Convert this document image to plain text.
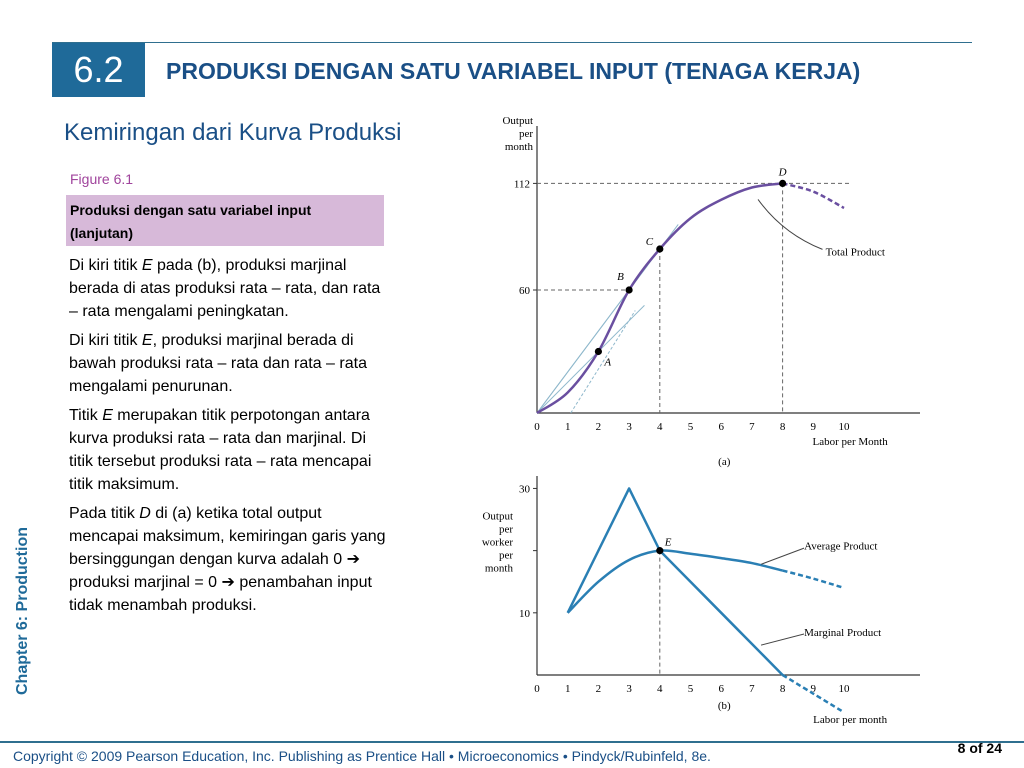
6.2	PRODUKSI DENGAN SATU VARIABEL INPUT (TENAGA KERJA)
Kemiringan dari Kurva Produksi
Figure 6.1
Produksi dengan satu variabel input
(lanjutan)

Di kiri titik E pada (b), produksi marjinal berada di atas produksi rata – rata, dan rata – rata mengalami peningkatan.

Di kiri titik E, produksi marjinal berada di bawah produksi rata – rata dan rata – rata mengalami penurunan.

Titik E merupakan titik perpotongan antara kurva produksi rata – rata dan marjinal. Di titik tersebut produksi rata – rata mencapai titik maksimum.

Pada titik D di (a) ketika total output mencapai maksimum, kemiringan garis yang bersinggungan dengan kurva adalah 0 ➔ produksi marjinal = 0 ➔ penambahan input tidak menambah produksi.

Chapter 6: Production
Output
per
month
0 1 2 3 4 5 6 7 8 9 10
60
112
Labor per Month
(a)
Total Product
A
B
C
D
Output
per
worker
per
month
0 1 2 3 4 5 6 7 8 9 10
10
30
Labor per month
(b)
Average Product
Marginal Product
E
Copyright © 2009 Pearson Education, Inc. Publishing as Prentice Hall • Microeconomics • Pindyck/Rubinfeld, 8e.	8 of 24
